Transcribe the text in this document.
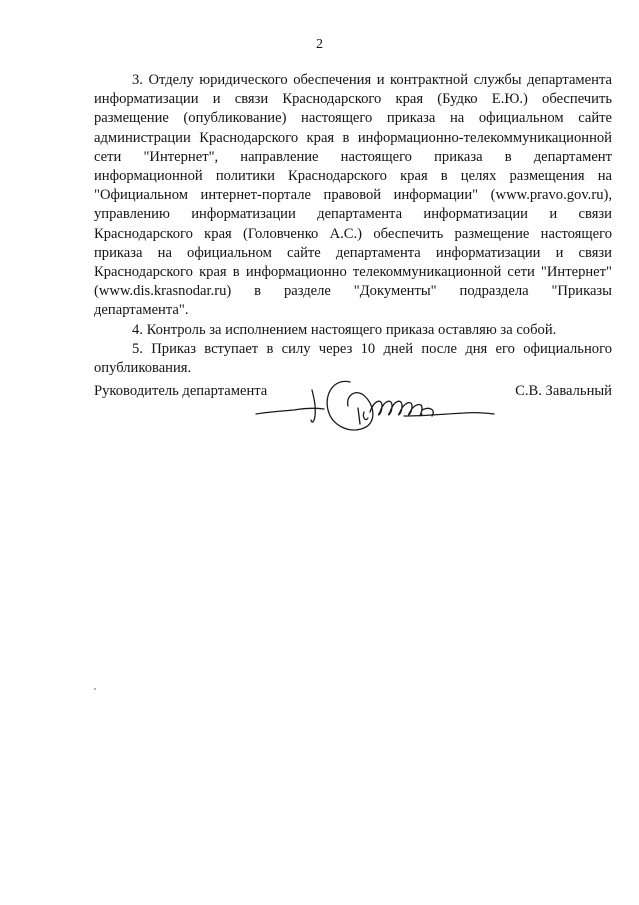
2

3. Отделу юридического обеспечения и контрактной службы департамента информатизации и связи Краснодарского края (Будко Е.Ю.) обеспечить размещение (опубликование) настоящего приказа на официальном сайте администрации Краснодарского края в информационно-телекоммуникационной сети "Интернет", направление настоящего приказа в департамент информационной политики Краснодарского края в целях размещения на "Официальном интернет-портале правовой информации" (www.pravo.gov.ru), управлению информатизации департамента информатизации и связи Краснодарского края (Головченко А.С.) обеспечить размещение настоящего приказа на официальном сайте департамента информатизации и связи Краснодарского края в информационно телекоммуникационной сети "Интернет" (www.dis.krasnodar.ru) в разделе "Документы" подраздела "Приказы департамента".

4. Контроль за исполнением настоящего приказа оставляю за собой.

5. Приказ вступает в силу через 10 дней после дня его официального опубликования.

Руководитель департамента	С.В. Завальный
